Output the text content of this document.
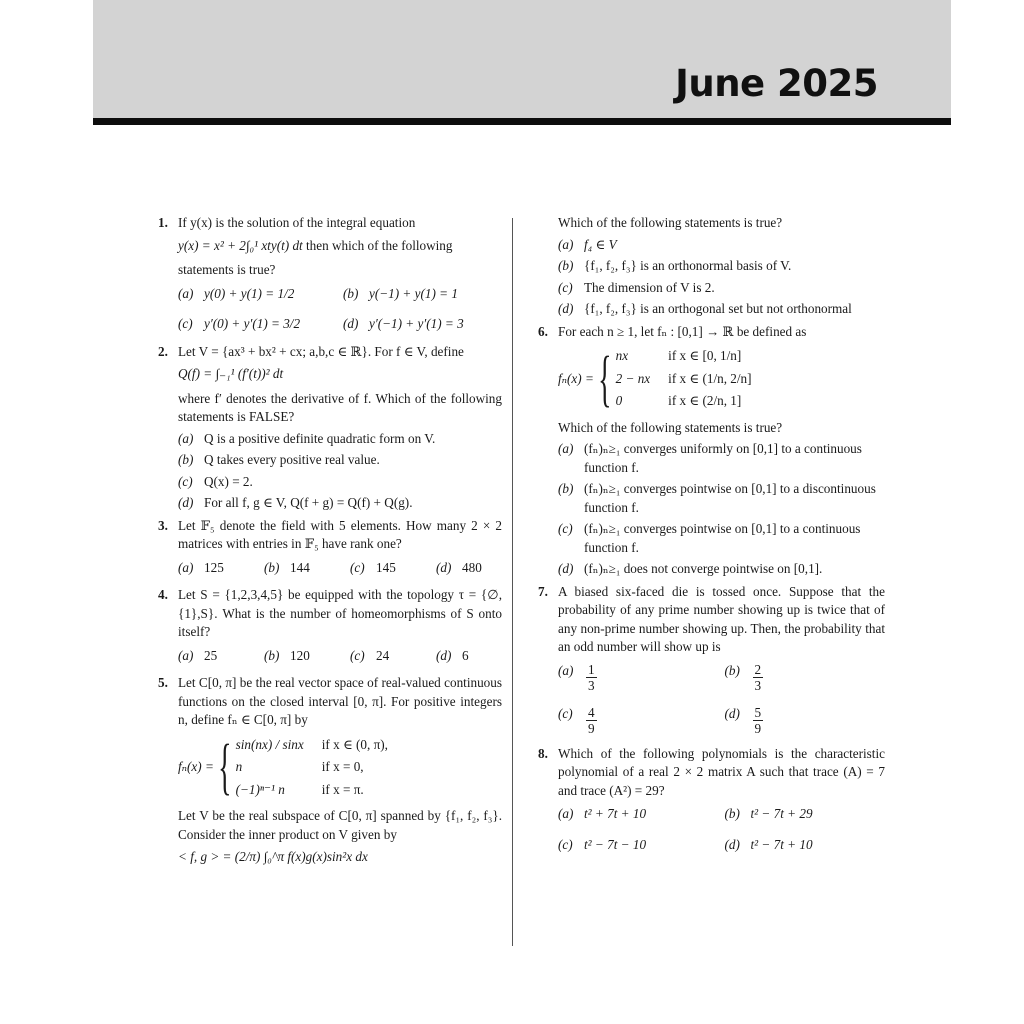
June 2025
1. If y(x) is the solution of the integral equation

y(x) = x² + 2∫₀¹ xty(t) dt then which of the following

statements is true?

(a) y(0) + y(1) = 1/2	(b) y(−1) + y(1) = 1
(c) y′(0) + y′(1) = 3/2	(d) y′(−1) + y′(1) = 3
2. Let V = {ax³ + bx² + cx; a,b,c ∈ ℝ}. For f ∈ V, define

Q(f) = ∫₋₁¹ (f′(t))² dt

where f′ denotes the derivative of f. Which of the following statements is FALSE?

(a) Q is a positive definite quadratic form on V.
(b) Q takes every positive real value.
(c) Q(x) = 2.
(d) For all f, g ∈ V, Q(f + g) = Q(f) + Q(g).
3. Let 𝔽₅ denote the field with 5 elements. How many 2 × 2 matrices with entries in 𝔽₅ have rank one?

(a) 125	(b) 144	(c) 145	(d) 480
4. Let S = {1,2,3,4,5} be equipped with the topology τ = {∅,{1},S}. What is the number of homeomorphisms of S onto itself?

(a) 25	(b) 120	(c) 24	(d) 6
5. Let C[0, π] be the real vector space of real-valued continuous functions on the closed interval [0, π]. For positive integers n, define fₙ ∈ C[0, π] by

fₙ(x) = { sin(nx) / sinx if x ∈ (0, π),
n	if x = 0,
(−1)ⁿ⁻¹ n	if x = π.

Let V be the real subspace of C[0, π] spanned by {f₁, f₂, f₃}. Consider the inner product on V given by

< f, g > = (2/π) ∫₀^π f(x)g(x)sin²x dx

Which of the following statements is true?

(a) f₄ ∈ V
(b) {f₁, f₂, f₃} is an orthonormal basis of V.
(c) The dimension of V is 2.
(d) {f₁, f₂, f₃} is an orthogonal set but not orthonormal
6. For each n ≥ 1, let fₙ : [0,1] → ℝ be defined as

fₙ(x) = { nx	if x ∈ [0, 1/n]
2 − nx if x ∈ (1/n, 2/n]
0	if x ∈ (2/n, 1]

Which of the following statements is true?

(a) (fₙ)ₙ≥₁ converges uniformly on [0,1] to a continuous
function f.
(b) (fₙ)ₙ≥₁ converges pointwise on [0,1] to a discontinuous
function f.
(c) (fₙ)ₙ≥₁ converges pointwise on [0,1] to a continuous
function f.
(d) (fₙ)ₙ≥₁ does not converge pointwise on [0,1].
7. A biased six-faced die is tossed once. Suppose that the probability of any prime number showing up is twice that of any non-prime number showing up. Then, the probability that an odd number will show up is

$(a) \frac{1}{3}$	$(b) \frac{2}{3}$
(c)	$\frac{4}{9}$	$(d) \frac{5}{9}$
8. Which of the following polynomials is the characteristic polynomial of a real 2 × 2 matrix A such that trace (A) = 7 and trace (A²) = 29?

(a) t² + 7t + 10	(b) t² − 7t + 29
(c) t² − 7t − 10	(d) t² − 7t + 10
